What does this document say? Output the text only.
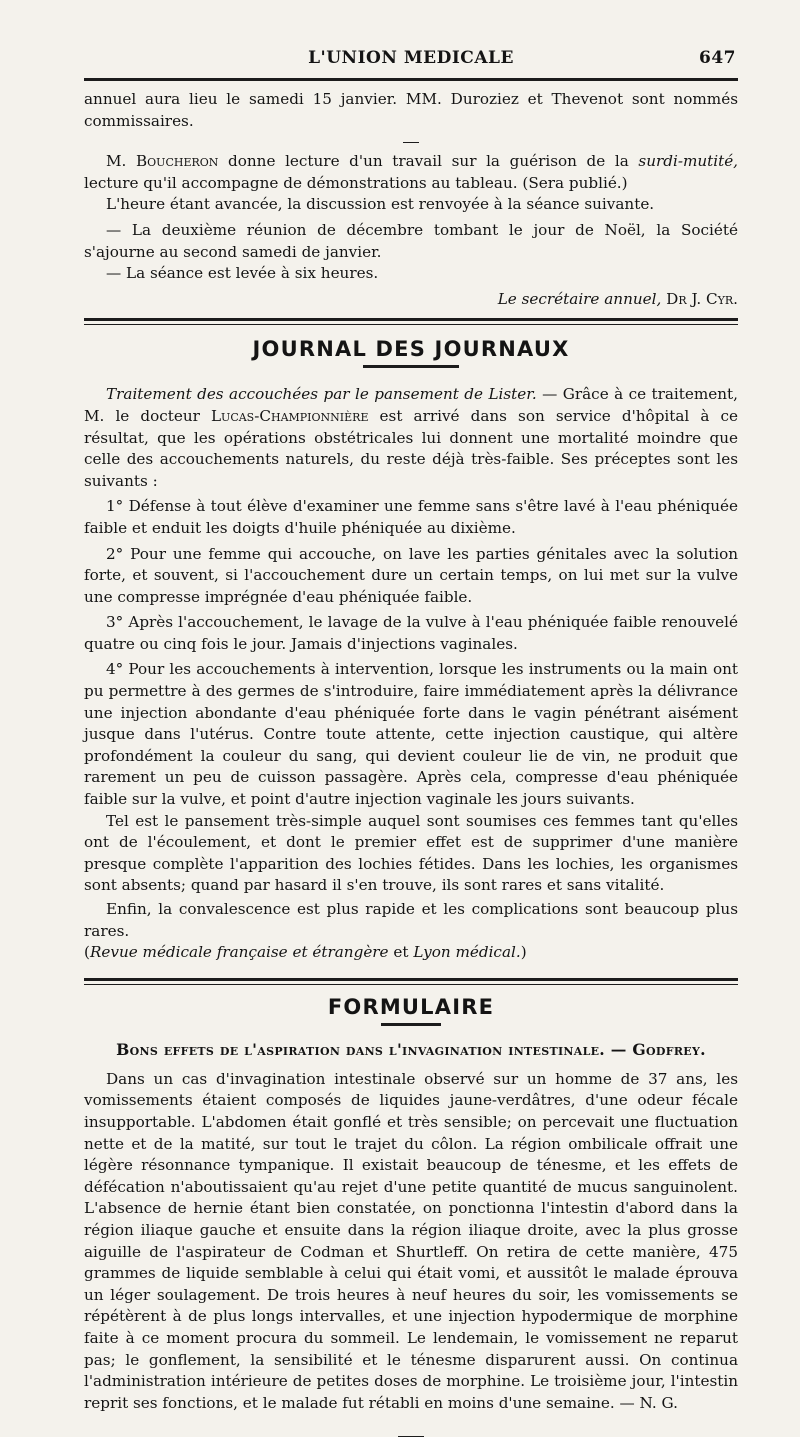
L'UNION MEDICALE	647

annuel aura lieu le samedi 15 janvier. MM. Duroziez et Thevenot sont nommés commissaires.

M. Boucheron donne lecture d'un travail sur la guérison de la surdi-mutité, lecture qu'il accompagne de démonstrations au tableau. (Sera publié.)

L'heure étant avancée, la discussion est renvoyée à la séance suivante.

— La deuxième réunion de décembre tombant le jour de Noël, la Société s'ajourne au second samedi de janvier.

— La séance est levée à six heures.

Le secrétaire annuel, Dr J. Cyr.
JOURNAL DES JOURNAUX

Traitement des accouchées par le pansement de Lister. — Grâce à ce traitement, M. le docteur Lucas-Championnière est arrivé dans son service d'hôpital à ce résultat, que les opérations obstétricales lui donnent une mortalité moindre que celle des accouchements naturels, du reste déjà très-faible. Ses préceptes sont les suivants :

1° Défense à tout élève d'examiner une femme sans s'être lavé à l'eau phéniquée faible et enduit les doigts d'huile phéniquée au dixième.

2° Pour une femme qui accouche, on lave les parties génitales avec la solution forte, et souvent, si l'accouchement dure un certain temps, on lui met sur la vulve une compresse imprégnée d'eau phéniquée faible.

3° Après l'accouchement, le lavage de la vulve à l'eau phéniquée faible renouvelé quatre ou cinq fois le jour. Jamais d'injections vaginales.

4° Pour les accouchements à intervention, lorsque les instruments ou la main ont pu permettre à des germes de s'introduire, faire immédiatement après la délivrance une injection abondante d'eau phéniquée forte dans le vagin pénétrant aisément jusque dans l'utérus. Contre toute attente, cette injection caustique, qui altère profondément la couleur du sang, qui devient couleur lie de vin, ne produit que rarement un peu de cuisson passagère. Après cela, compresse d'eau phéniquée faible sur la vulve, et point d'autre injection vaginale les jours suivants.

Tel est le pansement très-simple auquel sont soumises ces femmes tant qu'elles ont de l'écoulement, et dont le premier effet est de supprimer d'une manière presque complète l'apparition des lochies fétides. Dans les lochies, les organismes sont absents; quand par hasard il s'en trouve, ils sont rares et sans vitalité.

Enfin, la convalescence est plus rapide et les complications sont beaucoup plus rares.

(Revue médicale française et étrangère et Lyon médical.)

FORMULAIRE
Bons effets de l'aspiration dans l'invagination intestinale. — Godfrey.

Dans un cas d'invagination intestinale observé sur un homme de 37 ans, les vomissements étaient composés de liquides jaune-verdâtres, d'une odeur fécale insupportable. L'abdomen était gonflé et très sensible; on percevait une fluctuation nette et de la matité, sur tout le trajet du côlon. La région ombilicale offrait une légère résonnance tympanique. Il existait beaucoup de ténesme, et les effets de défécation n'aboutissaient qu'au rejet d'une petite quantité de mucus sanguinolent. L'absence de hernie étant bien constatée, on ponctionna l'intestin d'abord dans la région iliaque gauche et ensuite dans la région iliaque droite, avec la plus grosse aiguille de l'aspirateur de Codman et Shurtleff. On retira de cette manière, 475 grammes de liquide semblable à celui qui était vomi, et aussitôt le malade éprouva un léger soulagement. De trois heures à neuf heures du soir, les vomissements se répétèrent à de plus longs intervalles, et une injection hypodermique de morphine faite à ce moment procura du sommeil. Le lendemain, le vomissement ne reparut pas; le gonflement, la sensibilité et le ténesme disparurent aussi. On continua l'administration intérieure de petites doses de morphine. Le troisième jour, l'intestin reprit ses fonctions, et le malade fut rétabli en moins d'une semaine. — N. G.
